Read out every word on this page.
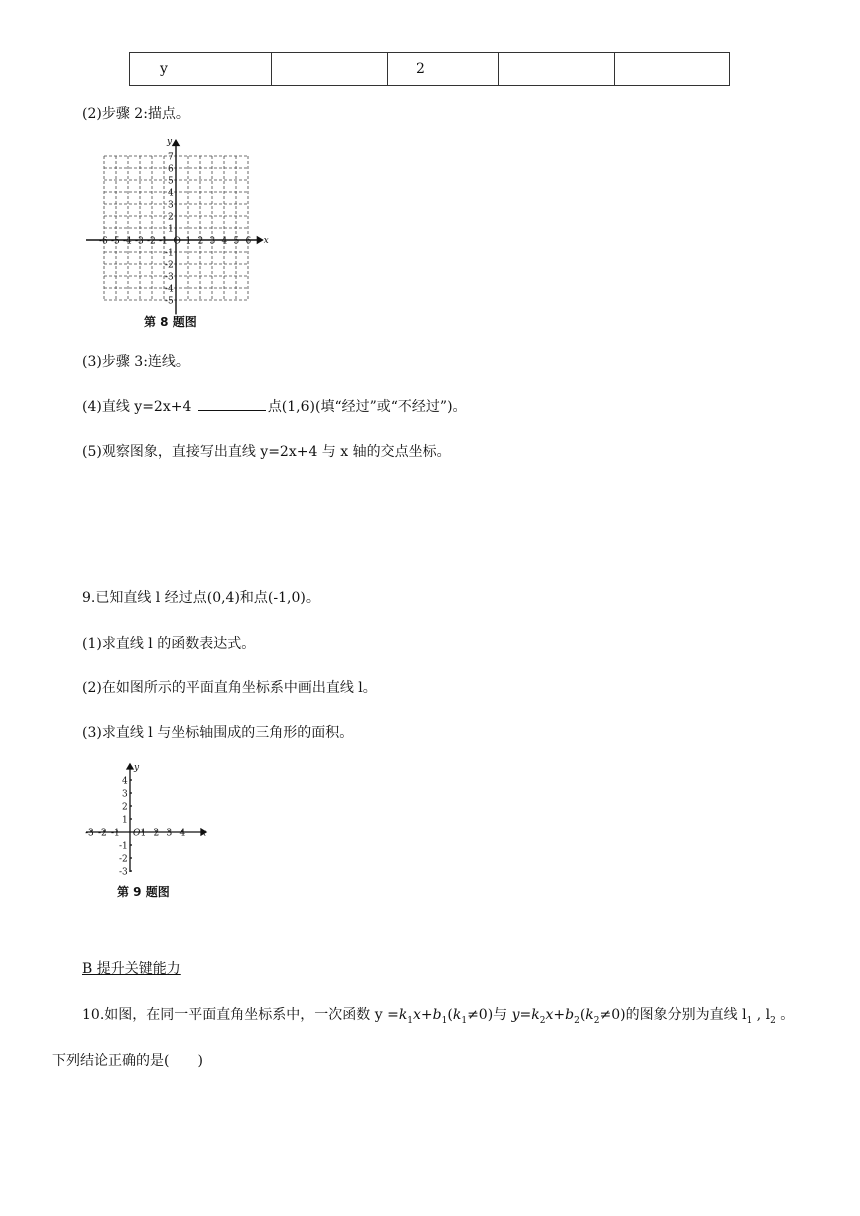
y		2		
(2)步骤 2:描点。
-6 -5 -4 -3 -2 -1 O 1 2 3 4 5 6
7
6
5
4
3
2
1
-1
-2
-3
-4
-5
x
y
第 8 题图
(3)步骤 3:连线。
(4)直线 y=2x+4	点(1,6)(填“经过”或“不经过”)。
(5)观察图象，直接写出直线 y=2x+4 与 x 轴的交点坐标。
9.已知直线 l 经过点(0,4)和点(-1,0)。
(1)求直线 l 的函数表达式。
(2)在如图所示的平面直角坐标系中画出直线 l。
(3)求直线 l 与坐标轴围成的三角形的面积。
-3 -2 -1 O 1 2 3 4
4
3
2
1
-1
-2
-3
x
y
第 9 题图
B 提升关键能力
10.如图，在同一平面直角坐标系中，一次函数 $y =k_1x+b_1(k_1\ne 0)$与 $y=k_2x+b_2(k_2\ne 0)$的图象分别为直线 $l_1$ , $l_2$ 。
下列结论正确的是( )
